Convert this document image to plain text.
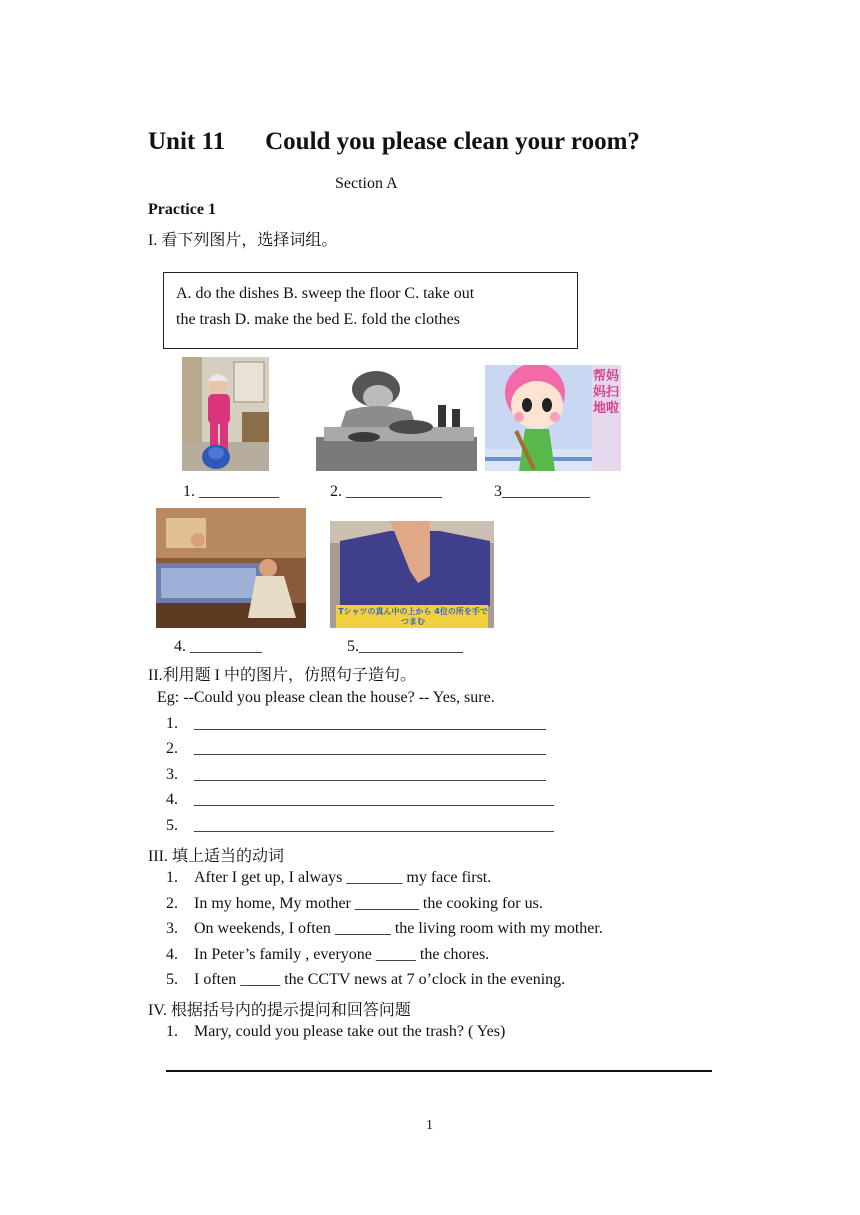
Unit 11 Could you please clean your room?
Section A
Practice 1
I. 看下列图片，选择词组。
A. do the dishes B. sweep the floor C. take out
the trash D. make the bed E. fold the clothes
帮妈妈扫地啦
1. __________	2. ____________	3___________
Tシャツの真ん中の上から 4位の所を手でつまむ
4. _________	5._____________
II.利用题 I 中的图片，仿照句子造句。
Eg: --Could you please clean the house? -- Yes, sure.
1. ____________________________________________
2. ____________________________________________
3. ____________________________________________
4. _____________________________________________
5. _____________________________________________
III. 填上适当的动词
1. After I get up, I always _______ my face first.
2. In my home, My mother ________ the cooking for us.
3. On weekends, I often _______ the living room with my mother.
4. In Peter’s family , everyone _____ the chores.
5. I often _____ the CCTV news at 7 o’clock in the evening.
IV. 根据括号内的提示提问和回答问题
1. Mary, could you please take out the trash? ( Yes)
1
